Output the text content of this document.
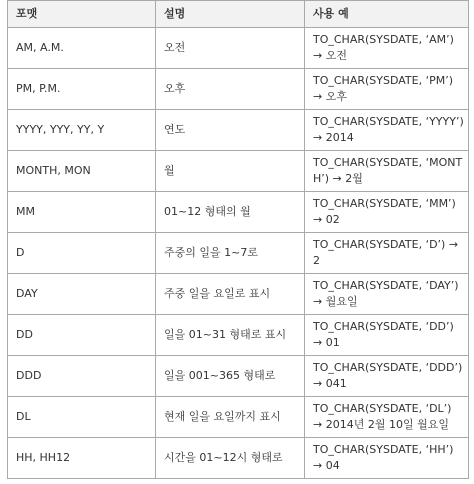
포맷	설명	사용 예
AM, A.M.	오전	TO_CHAR(SYSDATE, ‘AM’) → 오전
PM, P.M.	오후	TO_CHAR(SYSDATE, ‘PM’) → 오후
YYYY, YYY, YY, Y	연도	TO_CHAR(SYSDATE, ‘YYYY’) → 2014
MONTH, MON	월	TO_CHAR(SYSDATE, ‘MONTH’) → 2월
MM	01~12 형태의 월	TO_CHAR(SYSDATE, ‘MM’) → 02
D	주중의 일을 1~7로	TO_CHAR(SYSDATE, ‘D’) → 2
DAY	주중 일을 요일로 표시	TO_CHAR(SYSDATE, ‘DAY’) → 월요일
DD	일을 01~31 형태로 표시	TO_CHAR(SYSDATE, ‘DD’) → 01
DDD	일을 001~365 형태로	TO_CHAR(SYSDATE, ‘DDD’) → 041
DL	현재 일을 요일까지 표시	TO_CHAR(SYSDATE, ‘DL’) → 2014년 2월 10일 월요일
HH, HH12	시간을 01~12시 형태로	TO_CHAR(SYSDATE, ‘HH’) → 04
